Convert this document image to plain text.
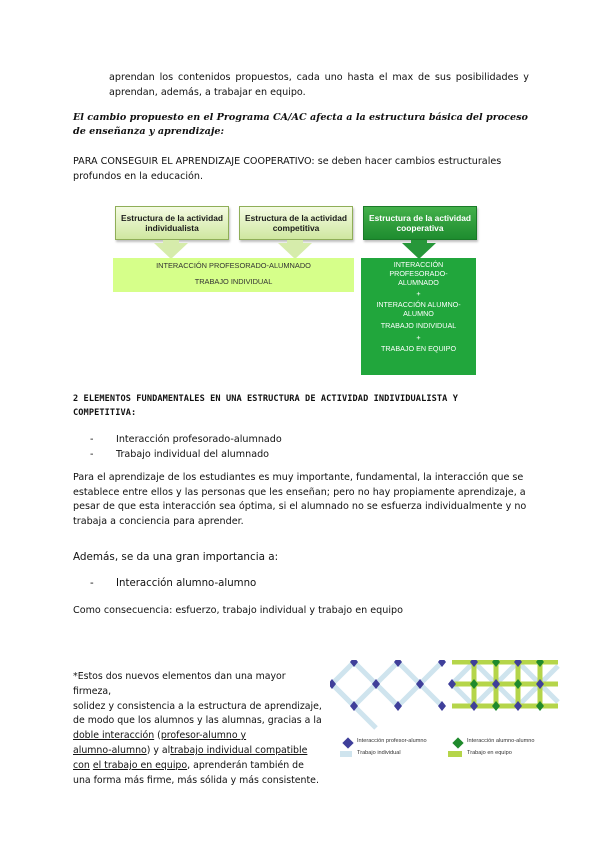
aprendan los contenidos propuestos, cada uno hasta el max de sus posibilidades y
aprendan, además, a trabajar en equipo.
El cambio propuesto en el Programa CA/AC afecta a la estructura básica del proceso de enseñanza y aprendizaje:
PARA CONSEGUIR EL APRENDIZAJE COOPERATIVO: se deben hacer cambios estructurales profundos en la educación.
Estructura de la actividad individualista
Estructura de la actividad competitiva
Estructura de la actividad cooperativa
INTERACCIÓN PROFESORADO-ALUMNADO
TRABAJO INDIVIDUAL
INTERACCIÓN
PROFESORADO-
ALUMNADO
+
INTERACCIÓN ALUMNO-
ALUMNO
TRABAJO INDIVIDUAL
+
TRABAJO EN EQUIPO
2 ELEMENTOS FUNDAMENTALES EN UNA ESTRUCTURA DE ACTIVIDAD INDIVIDUALISTA Y COMPETITIVA:
-	Interacción profesorado-alumnado
-	Trabajo individual del alumnado
Para el aprendizaje de los estudiantes es muy importante, fundamental, la interacción que se establece entre ellos y las personas que les enseñan; pero no hay propiamente aprendizaje, a pesar de que esta interacción sea óptima, si el alumnado no se esfuerza individualmente y no trabaja a conciencia para aprender.
Además, se da una gran importancia a:
-	Interacción alumno-alumno
Como consecuencia: esfuerzo, trabajo individual y trabajo en equipo
*Estos dos nuevos elementos dan una mayor firmeza,
solidez y consistencia a la estructura de aprendizaje,
de modo que los alumnos y las alumnas, gracias a la
doble interacción (profesor-alumno y
alumno-alumno) y altrabajo individual compatible
con el trabajo en equipo, aprenderán también de
una forma más firme, más sólida y más consistente.
Interacción profesor-alumno	Interacción alumno-alumno
Trabajo individual	Trabajo en equipo
